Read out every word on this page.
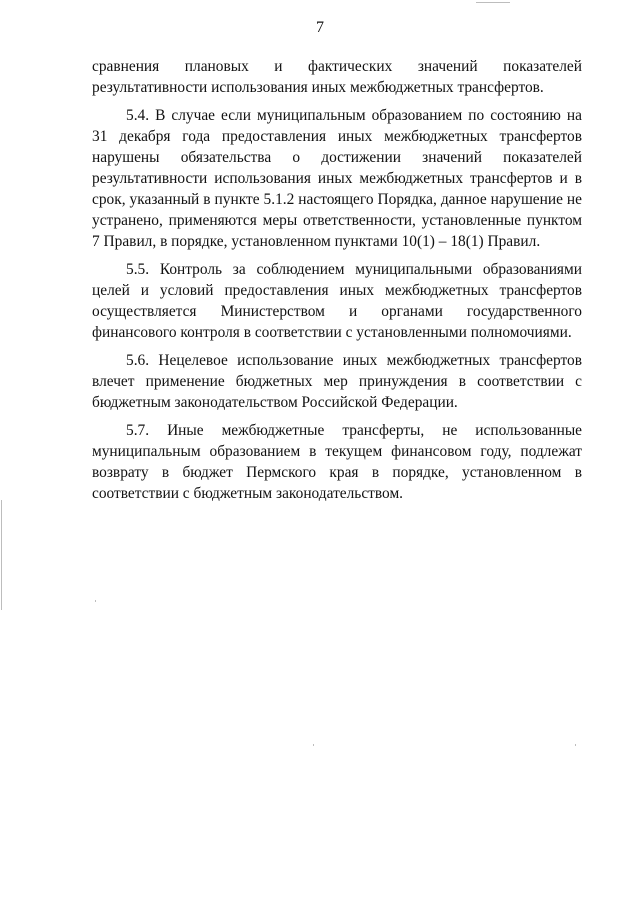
7

сравнения плановых и фактических значений показателей результативности использования иных межбюджетных трансфертов.

5.4. В случае если муниципальным образованием по состоянию на 31 декабря года предоставления иных межбюджетных трансфертов нарушены обязательства о достижении значений показателей результативности использования иных межбюджетных трансфертов и в срок, указанный в пункте 5.1.2 настоящего Порядка, данное нарушение не устранено, применяются меры ответственности, установленные пунктом 7 Правил, в порядке, установленном пунктами 10(1) – 18(1) Правил.

5.5. Контроль за соблюдением муниципальными образованиями целей и условий предоставления иных межбюджетных трансфертов осуществляется Министерством и органами государственного финансового контроля в соответствии с установленными полномочиями.

5.6. Нецелевое использование иных межбюджетных трансфертов влечет применение бюджетных мер принуждения в соответствии с бюджетным законодательством Российской Федерации.

5.7. Иные межбюджетные трансферты, не использованные муниципальным образованием в текущем финансовом году, подлежат возврату в бюджет Пермского края в порядке, установленном в соответствии с бюджетным законодательством.
